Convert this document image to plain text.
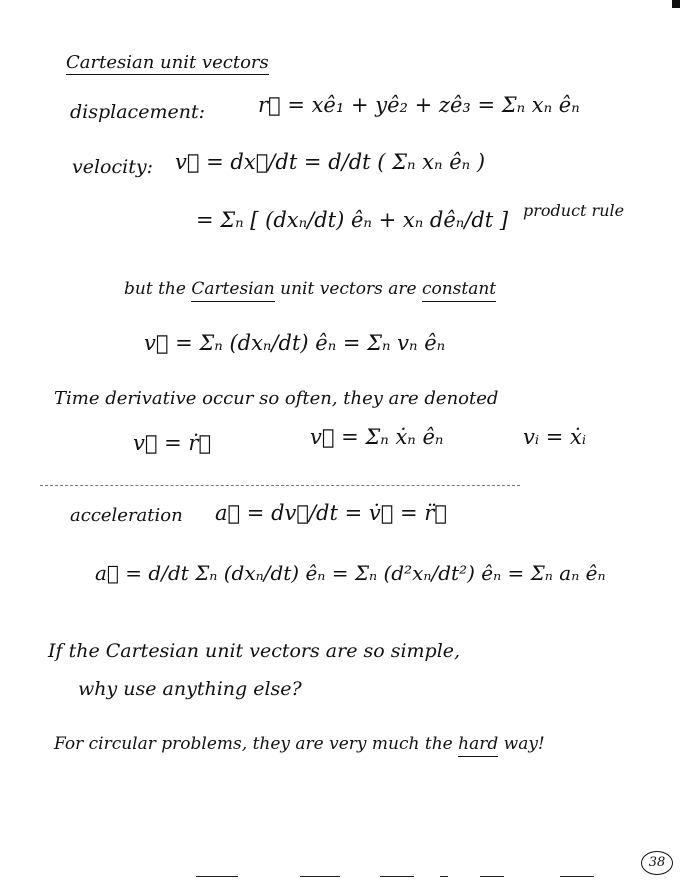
Cartesian unit vectors
displacement:	r⃗ = xê₁ + yê₂ + zê₃ = Σₙ xₙ êₙ
velocity: v⃗ = dx⃗/dt = d/dt ( Σₙ xₙ êₙ )
= Σₙ [ (dxₙ/dt) êₙ + xₙ dêₙ/dt ] product rule
but the Cartesian unit vectors are constant
v⃗ = Σₙ (dxₙ/dt) êₙ = Σₙ vₙ êₙ
Time derivative occur so often, they are denoted
v⃗ = ṙ⃗	v⃗ = Σₙ ẋₙ êₙ	vᵢ = ẋᵢ
acceleration a⃗ = dv⃗/dt = v̇⃗ = r̈⃗
a⃗ = d/dt Σₙ (dxₙ/dt) êₙ = Σₙ (d²xₙ/dt²) êₙ = Σₙ aₙ êₙ
If the Cartesian unit vectors are so simple,
why use anything else?
For circular problems, they are very much the hard way!
38
